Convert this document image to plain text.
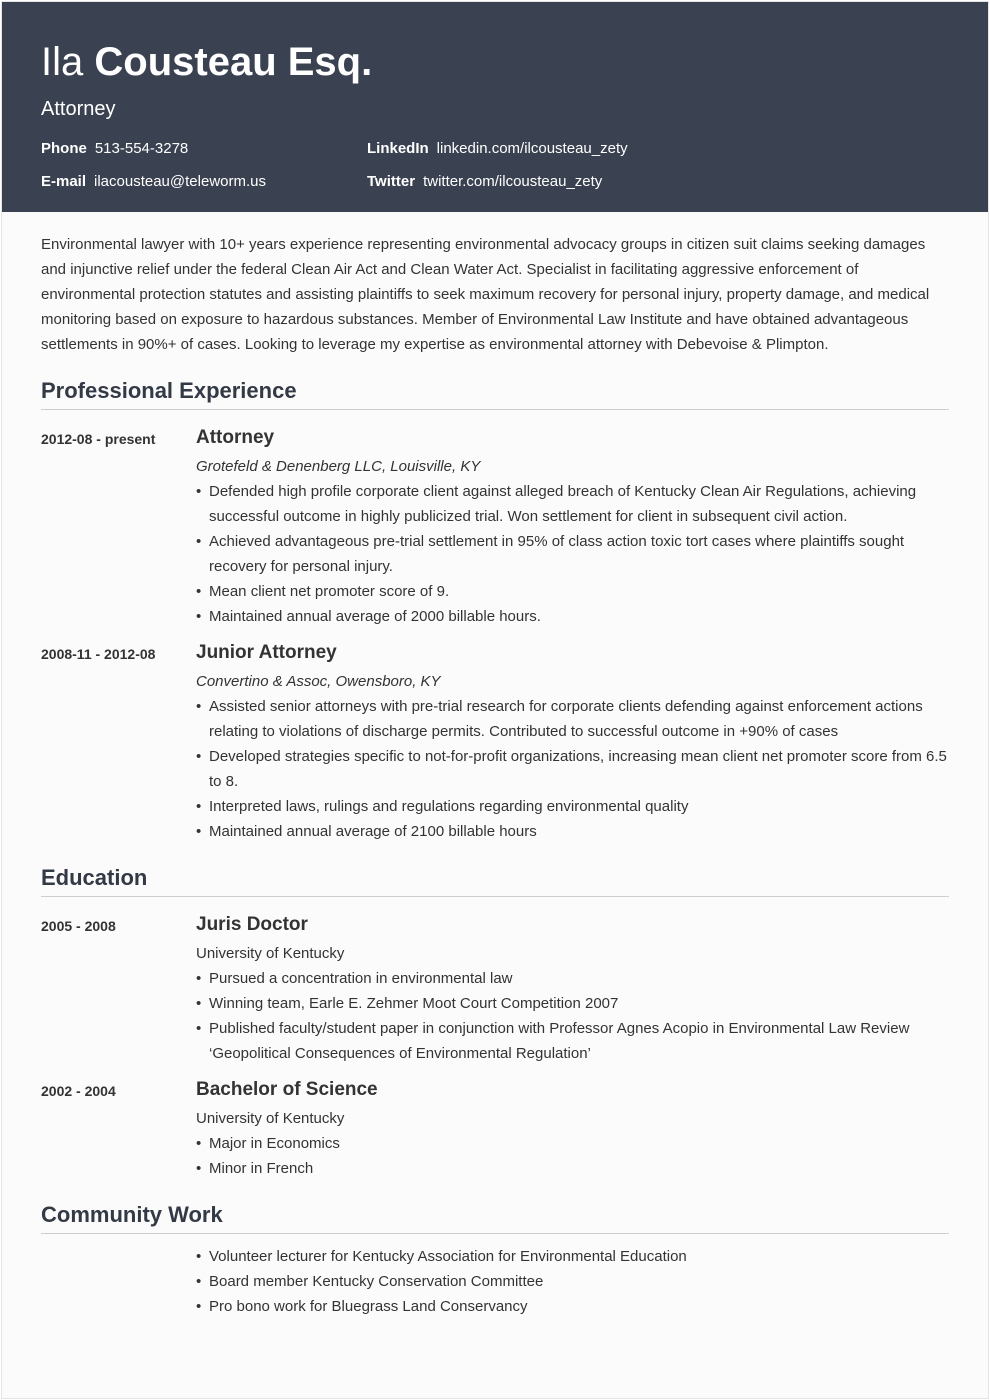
Ila Cousteau Esq.
Attorney
Phone 513-554-3278	LinkedIn linkedin.com/ilcousteau_zety
E-mail ilacousteau@teleworm.us	Twitter twitter.com/ilcousteau_zety

Environmental lawyer with 10+ years experience representing environmental advocacy groups in citizen suit claims seeking damages and injunctive relief under the federal Clean Air Act and Clean Water Act. Specialist in facilitating aggressive enforcement of environmental protection statutes and assisting plaintiffs to seek maximum recovery for personal injury, property damage, and medical monitoring based on exposure to hazardous substances. Member of Environmental Law Institute and have obtained advantageous settlements in 90%+ of cases. Looking to leverage my expertise as environmental attorney with Debevoise & Plimpton.

Professional Experience
2012-08 - present	Attorney
Grotefeld & Denenberg LLC, Louisville, KY
• Defended high profile corporate client against alleged breach of Kentucky Clean Air Regulations, achieving successful outcome in highly publicized trial. Won settlement for client in subsequent civil action.
• Achieved advantageous pre-trial settlement in 95% of class action toxic tort cases where plaintiffs sought recovery for personal injury.
• Mean client net promoter score of 9.
• Maintained annual average of 2000 billable hours.
2008-11 - 2012-08	Junior Attorney
Convertino & Assoc, Owensboro, KY
• Assisted senior attorneys with pre-trial research for corporate clients defending against enforcement actions relating to violations of discharge permits. Contributed to successful outcome in +90% of cases
• Developed strategies specific to not-for-profit organizations, increasing mean client net promoter score from 6.5 to 8.
• Interpreted laws, rulings and regulations regarding environmental quality
• Maintained annual average of 2100 billable hours
Education
2005 - 2008	Juris Doctor
University of Kentucky
• Pursued a concentration in environmental law
• Winning team, Earle E. Zehmer Moot Court Competition 2007
• Published faculty/student paper in conjunction with Professor Agnes Acopio in Environmental Law Review ‘Geopolitical Consequences of Environmental Regulation’
2002 - 2004	Bachelor of Science
University of Kentucky
• Major in Economics
• Minor in French
Community Work
• Volunteer lecturer for Kentucky Association for Environmental Education
• Board member Kentucky Conservation Committee
• Pro bono work for Bluegrass Land Conservancy
